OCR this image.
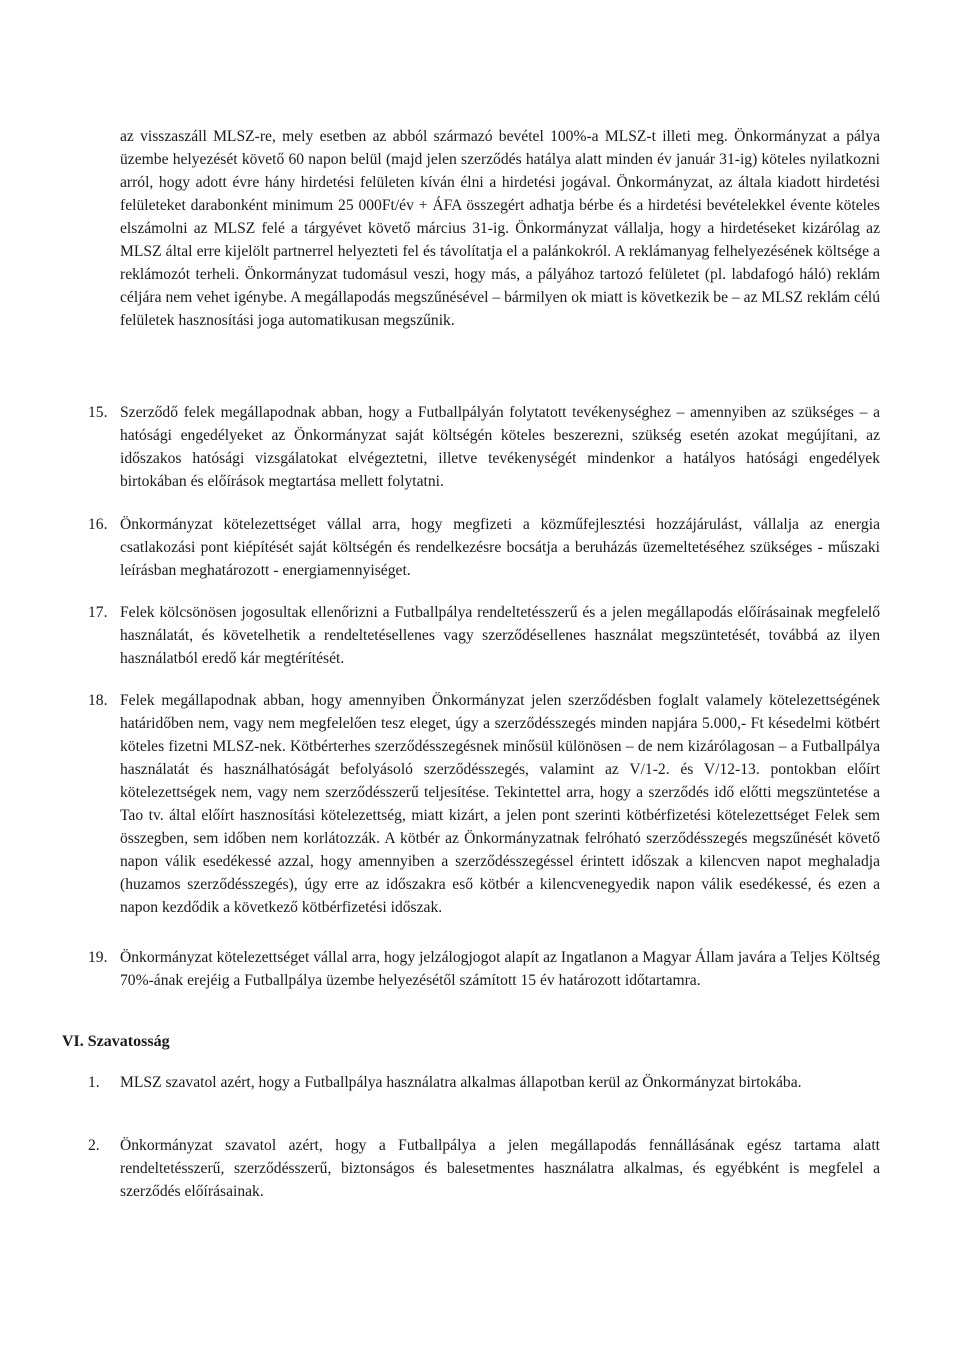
az visszaszáll MLSZ-re, mely esetben az abból származó bevétel 100%-a MLSZ-t illeti meg. Önkormányzat a pálya üzembe helyezését követő 60 napon belül (majd jelen szerződés hatálya alatt minden év január 31-ig) köteles nyilatkozni arról, hogy adott évre hány hirdetési felületen kíván élni a hirdetési jogával. Önkormányzat, az általa kiadott hirdetési felületeket darabonként minimum 25 000Ft/év + ÁFA összegért adhatja bérbe és a hirdetési bevételekkel évente köteles elszámolni az MLSZ felé a tárgyévet követő március 31-ig. Önkormányzat vállalja, hogy a hirdetéseket kizárólag az MLSZ által erre kijelölt partnerrel helyezteti fel és távolítatja el a palánkokról. A reklámanyag felhelyezésének költsége a reklámozót terheli. Önkormányzat tudomásul veszi, hogy más, a pályához tartozó felületet (pl. labdafogó háló) reklám céljára nem vehet igénybe. A megállapodás megszűnésével – bármilyen ok miatt is következik be – az MLSZ reklám célú felületek hasznosítási joga automatikusan megszűnik.

15. Szerződő felek megállapodnak abban, hogy a Futballpályán folytatott tevékenységhez – amennyiben az szükséges – a hatósági engedélyeket az Önkormányzat saját költségén köteles beszerezni, szükség esetén azokat megújítani, az időszakos hatósági vizsgálatokat elvégeztetni, illetve tevékenységét mindenkor a hatályos hatósági engedélyek birtokában és előírások megtartása mellett folytatni.
16. Önkormányzat kötelezettséget vállal arra, hogy megfizeti a közműfejlesztési hozzájárulást, vállalja az energia csatlakozási pont kiépítését saját költségén és rendelkezésre bocsátja a beruházás üzemeltetéséhez szükséges - műszaki leírásban meghatározott - energiamennyiséget.
17. Felek kölcsönösen jogosultak ellenőrizni a Futballpálya rendeltetésszerű és a jelen megállapodás előírásainak megfelelő használatát, és követelhetik a rendeltetésellenes vagy szerződésellenes használat megszüntetését, továbbá az ilyen használatból eredő kár megtérítését.
18. Felek megállapodnak abban, hogy amennyiben Önkormányzat jelen szerződésben foglalt valamely kötelezettségének határidőben nem, vagy nem megfelelően tesz eleget, úgy a szerződésszegés minden napjára 5.000,- Ft késedelmi kötbért köteles fizetni MLSZ-nek. Kötbérterhes szerződésszegésnek minősül különösen – de nem kizárólagosan – a Futballpálya használatát és használhatóságát befolyásoló szerződésszegés, valamint az V/1-2. és V/12-13. pontokban előírt kötelezettségek nem, vagy nem szerződésszerű teljesítése. Tekintettel arra, hogy a szerződés idő előtti megszüntetése a Tao tv. által előírt hasznosítási kötelezettség, miatt kizárt, a jelen pont szerinti kötbérfizetési kötelezettséget Felek sem összegben, sem időben nem korlátozzák. A kötbér az Önkormányzatnak felróható szerződésszegés megszűnését követő napon válik esedékessé azzal, hogy amennyiben a szerződésszegéssel érintett időszak a kilencven napot meghaladja (huzamos szerződésszegés), úgy erre az időszakra eső kötbér a kilencvenegyedik napon válik esedékessé, és ezen a napon kezdődik a következő kötbérfizetési időszak.
19. Önkormányzat kötelezettséget vállal arra, hogy jelzálogjogot alapít az Ingatlanon a Magyar Állam javára a Teljes Költség 70%-ának erejéig a Futballpálya üzembe helyezésétől számított 15 év határozott időtartamra.
VI. Szavatosság
1. MLSZ szavatol azért, hogy a Futballpálya használatra alkalmas állapotban kerül az Önkormányzat birtokába.
2. Önkormányzat szavatol azért, hogy a Futballpálya a jelen megállapodás fennállásának egész tartama alatt rendeltetésszerű, szerződésszerű, biztonságos és balesetmentes használatra alkalmas, és egyébként is megfelel a szerződés előírásainak.
